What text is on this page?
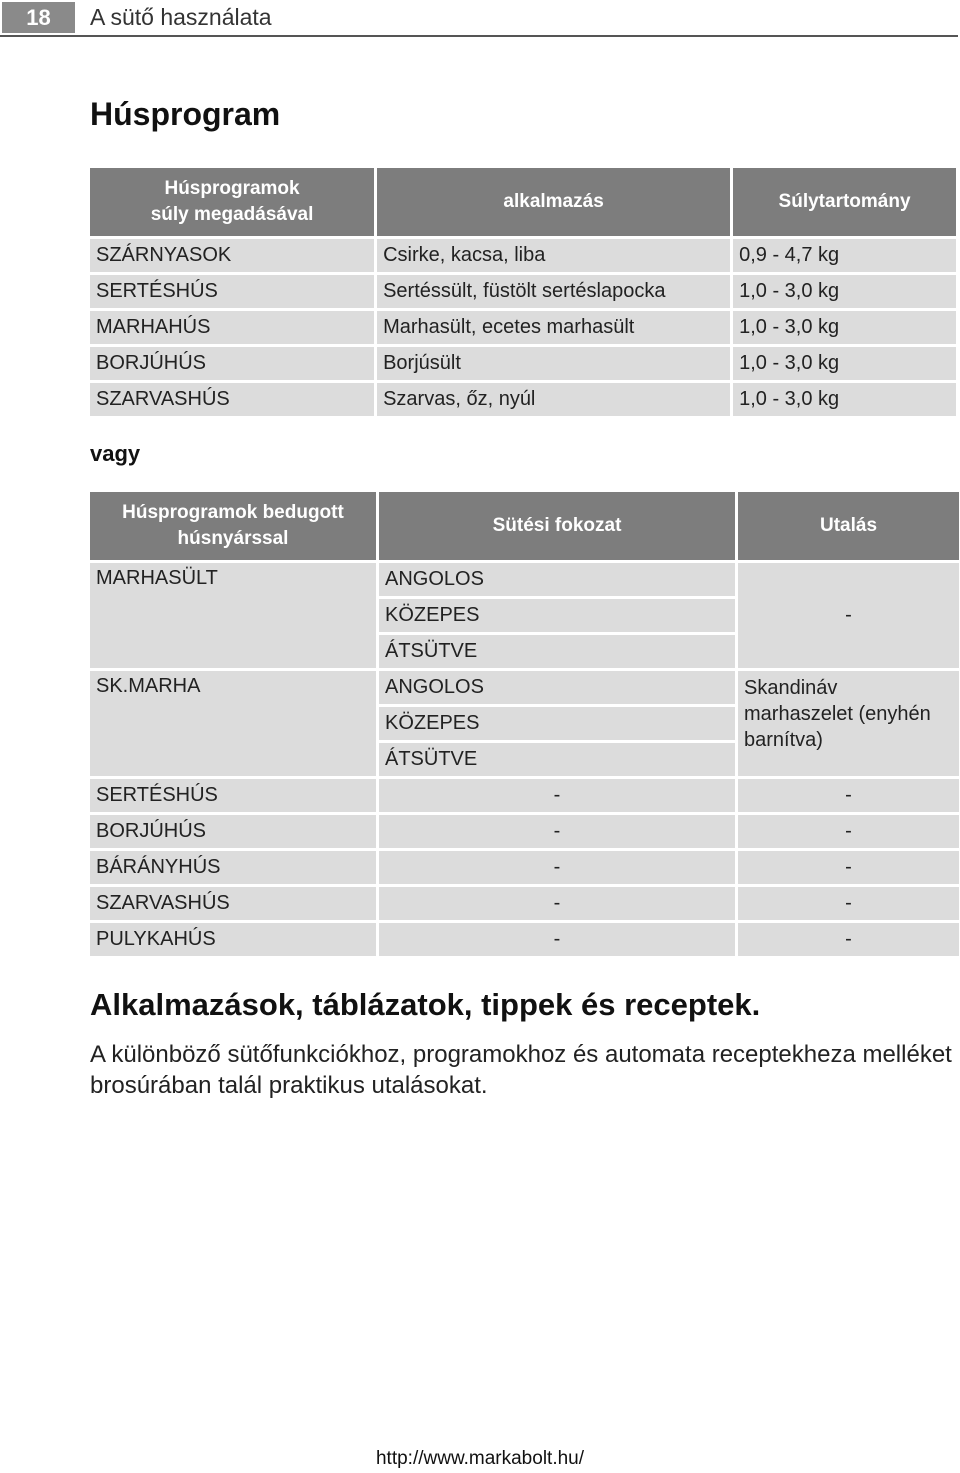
18	A sütő használata
Húsprogram
Húsprogramok
súly megadásával	alkalmazás	Súlytartomány
SZÁRNYASOK	Csirke, kacsa, liba	0,9 - 4,7 kg
SERTÉSHÚS	Sertéssült, füstölt sertéslapocka	1,0 - 3,0 kg
MARHAHÚS	Marhasült, ecetes marhasült	1,0 - 3,0 kg
BORJÚHÚS	Borjúsült	1,0 - 3,0 kg
SZARVASHÚS	Szarvas, őz, nyúl	1,0 - 3,0 kg
vagy
Húsprogramok bedugott
húsnyárssal	Sütési fokozat	Utalás
MARHASÜLT	ANGOLOS	-
	KÖZEPES	
	ÁTSÜTVE	
SK.MARHA	ANGOLOS	Skandináv
marhaszelet (enyhén
barnítva)
	KÖZEPES	
	ÁTSÜTVE	
SERTÉSHÚS	-	-
BORJÚHÚS	-	-
BÁRÁNYHÚS	-	-
SZARVASHÚS	-	-
PULYKAHÚS	-	-
Alkalmazások, táblázatok, tippek és receptek.

A különböző sütőfunkciókhoz, programokhoz és automata receptekheza melléket brosúrában talál praktikus utalásokat.

http://www.markabolt.hu/
